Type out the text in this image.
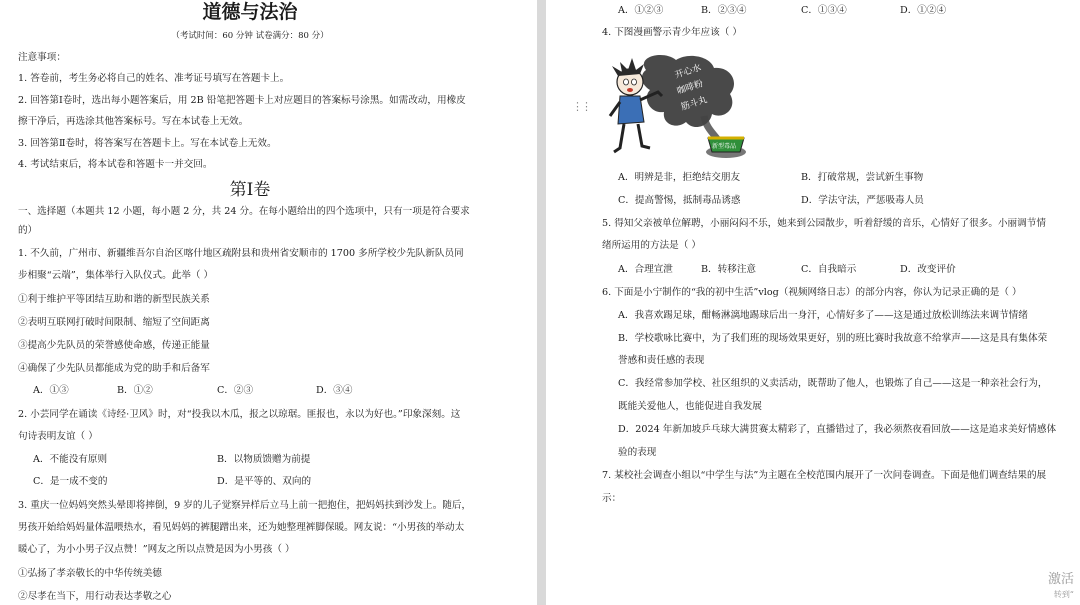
道德与法治
（考试时间：60 分钟 试卷满分：80 分）
注意事项：
1. 答卷前，考生务必将自己的姓名、准考证号填写在答题卡上。
2. 回答第Ⅰ卷时，选出每小题答案后，用 2B 铅笔把答题卡上对应题目的答案标号涂黑。如需改动，用橡皮
擦干净后，再选涂其他答案标号。写在本试卷上无效。
3. 回答第Ⅱ卷时，将答案写在答题卡上。写在本试卷上无效。
4. 考试结束后，将本试卷和答题卡一并交回。
第Ⅰ卷
一、选择题（本题共 12 小题，每小题 2 分，共 24 分。在每小题给出的四个选项中，只有一项是符合要求
的）
1. 不久前，广州市、新疆维吾尔自治区喀什地区疏附县和贵州省安顺市的 1700 多所学校少先队新队员同
步相聚“云端”，集体举行入队仪式。此举（ ）
①利于维护平等团结互助和谐的新型民族关系
②表明互联网打破时间限制、缩短了空间距离
③提高少先队员的荣誉感使命感，传递正能量
④确保了少先队员都能成为党的助手和后备军
A．①③	B．①②	C．②③	D．③④
2. 小芸同学在诵读《诗经·卫风》时，对“投我以木瓜，报之以琼琚。匪报也，永以为好也。”印象深刻。这
句诗表明友谊（ ）
A．不能没有原则	B．以物质馈赠为前提
C．是一成不变的	D．是平等的、双向的
3. 重庆一位妈妈突然头晕即将摔倒，9 岁的儿子觉察异样后立马上前一把抱住，把妈妈扶到沙发上。随后，
男孩开始给妈妈量体温喂热水，看见妈妈的裤腿蹭出来，还为她整理裤脚保暖。网友说：“小男孩的举动太
暖心了，为小小男子汉点赞！”网友之所以点赞是因为小男孩（ ）
①弘扬了孝亲敬长的中华传统美德
②尽孝在当下，用行动表达孝敬之心
A．①②③	B．②③④	C．①③④	D．①②④
4. 下图漫画警示青少年应该（ ）
A．明辨是非，拒绝结交朋友	B．打破常规，尝试新生事物
C．提高警惕，抵制毒品诱惑	D．学法守法，严惩吸毒人员
5. 得知父亲被单位解聘，小丽闷闷不乐，她来到公园散步，听着舒缓的音乐，心情好了很多。小丽调节情
绪所运用的方法是（ ）
A．合理宣泄	B．转移注意	C．自我暗示	D．改变评价
6. 下面是小宁制作的“我的初中生活”vlog（视频网络日志）的部分内容，你认为记录正确的是（ ）
A．我喜欢踢足球，酣畅淋漓地踢球后出一身汗，心情好多了——这是通过放松训练法来调节情绪
B．学校歌咏比赛中，为了我们班的现场效果更好，别的班比赛时我故意不给掌声——这是具有集体荣
誉感和责任感的表现
C．我经常参加学校、社区组织的义卖活动，既帮助了他人，也锻炼了自己——这是一种亲社会行为，
既能关爱他人，也能促进自我发展
D．2024 年新加坡乒乓球大满贯赛太精彩了，直播错过了，我必须熬夜看回放——这是追求美好情感体
验的表现
7. 某校社会调查小组以“中学生与法”为主题在全校范围内展开了一次问卷调查。下面是他们调查结果的展
示：
开心水
咖啡粉
筋斗丸
新型毒品
⋮⋮
激活
转到“
